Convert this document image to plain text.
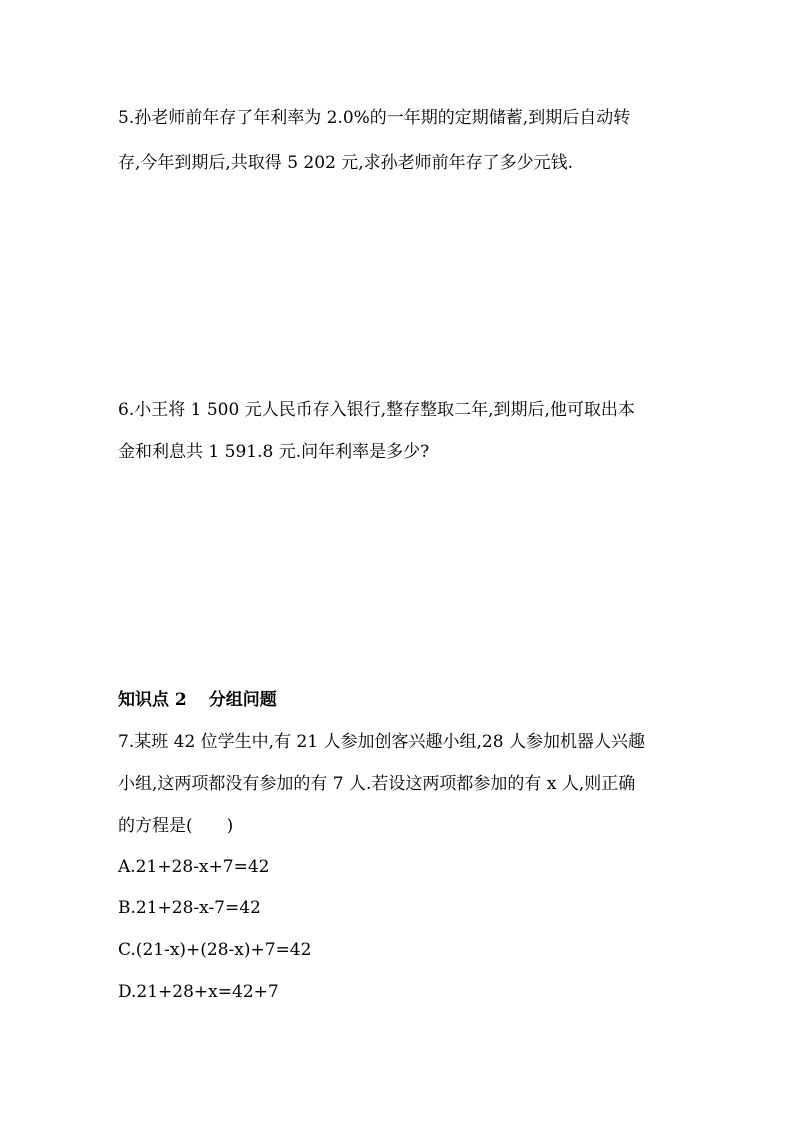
5.孙老师前年存了年利率为 2.0%的一年期的定期储蓄,到期后自动转
存,今年到期后,共取得 5 202 元,求孙老师前年存了多少元钱.
6.小王将 1 500 元人民币存入银行,整存整取二年,到期后,他可取出本
金和利息共 1 591.8 元.问年利率是多少?
知识点 2 分组问题
7.某班 42 位学生中,有 21 人参加创客兴趣小组,28 人参加机器人兴趣
小组,这两项都没有参加的有 7 人.若设这两项都参加的有 x 人,则正确
的方程是(　　)
A.21+28-x+7=42
B.21+28-x-7=42
C.(21-x)+(28-x)+7=42
D.21+28+x=42+7
